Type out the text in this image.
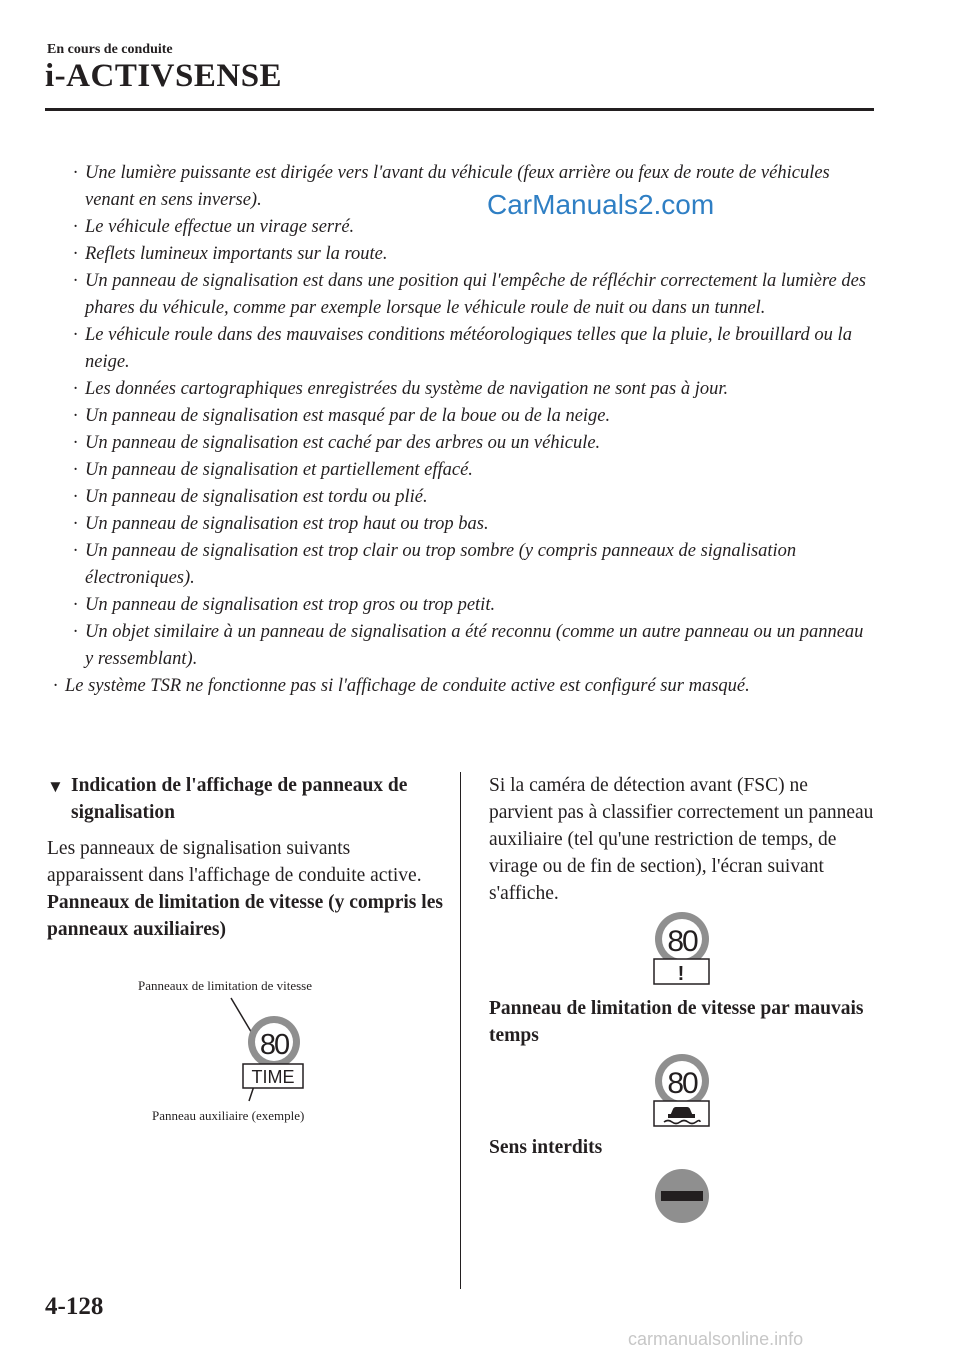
En cours de conduite
i-ACTIVSENSE
CarManuals2.com
· Une lumière puissante est dirigée vers l'avant du véhicule (feux arrière ou feux de route de véhicules venant en sens inverse).
· Le véhicule effectue un virage serré.
· Reflets lumineux importants sur la route.
· Un panneau de signalisation est dans une position qui l'empêche de réfléchir correctement la lumière des phares du véhicule, comme par exemple lorsque le véhicule roule de nuit ou dans un tunnel.
· Le véhicule roule dans des mauvaises conditions météorologiques telles que la pluie, le brouillard ou la neige.
· Les données cartographiques enregistrées du système de navigation ne sont pas à jour.
· Un panneau de signalisation est masqué par de la boue ou de la neige.
· Un panneau de signalisation est caché par des arbres ou un véhicule.
· Un panneau de signalisation et partiellement effacé.
· Un panneau de signalisation est tordu ou plié.
· Un panneau de signalisation est trop haut ou trop bas.
· Un panneau de signalisation est trop clair ou trop sombre (y compris panneaux de signalisation électroniques).
· Un panneau de signalisation est trop gros ou trop petit.
· Un objet similaire à un panneau de signalisation a été reconnu (comme un autre panneau ou un panneau y ressemblant).
· Le système TSR ne fonctionne pas si l'affichage de conduite active est configuré sur masqué.
▼ Indication de l'affichage de panneaux de signalisation
Les panneaux de signalisation suivants apparaissent dans l'affichage de conduite active.
Panneaux de limitation de vitesse (y compris les panneaux auxiliaires)
Panneaux de limitation de vitesse
Panneau auxiliaire (exemple)
80
TIME
Si la caméra de détection avant (FSC) ne parvient pas à classifier correctement un panneau auxiliaire (tel qu'une restriction de temps, de virage ou de fin de section), l'écran suivant s'affiche.
80
!
Panneau de limitation de vitesse par mauvais temps
80
Sens interdits
4-128
carmanualsonline.info
